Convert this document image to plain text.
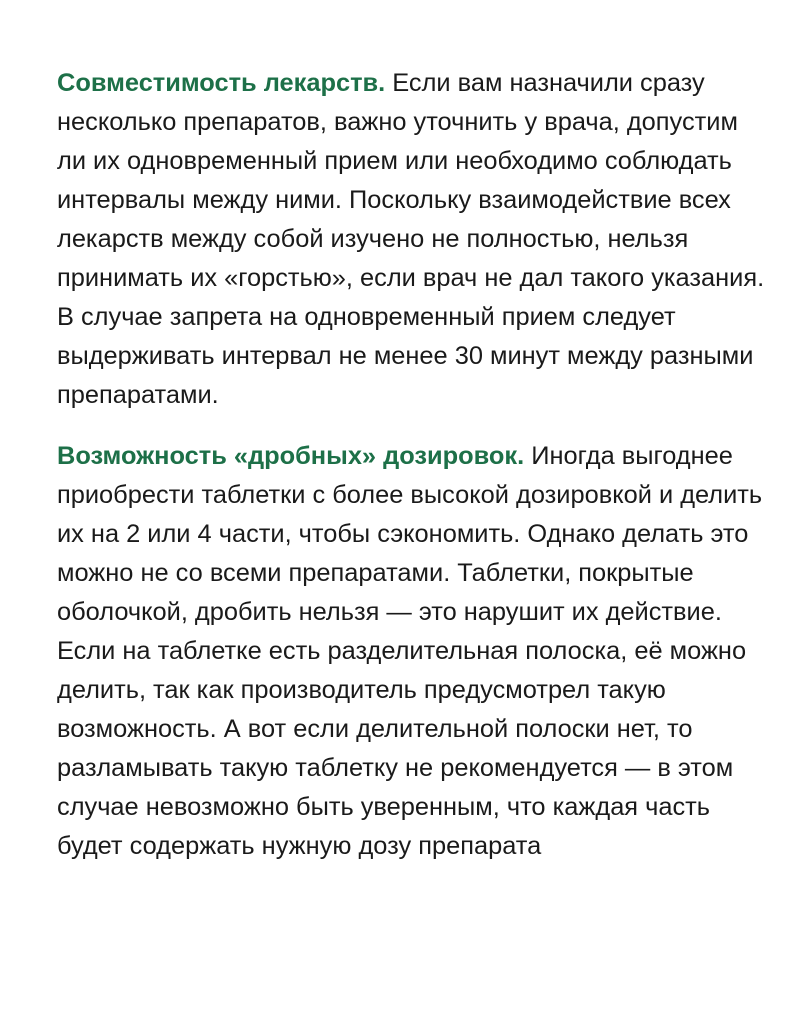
Совместимость лекарств. Если вам назначили сразу несколько препаратов, важно уточнить у врача, допустим ли их одновременный прием или необходимо соблюдать интервалы между ними. Поскольку взаимодействие всех лекарств между собой изучено не полностью, нельзя принимать их «горстью», если врач не дал такого указания. В случае запрета на одновременный прием следует выдерживать интервал не менее 30 минут между разными препаратами.

Возможность «дробных» дозировок. Иногда выгоднее приобрести таблетки с более высокой дозировкой и делить их на 2 или 4 части, чтобы сэкономить. Однако делать это можно не со всеми препаратами. Таблетки, покрытые оболочкой, дробить нельзя — это нарушит их действие. Если на таблетке есть разделительная полоска, её можно делить, так как производитель предусмотрел такую возможность. А вот если делительной полоски нет, то разламывать такую таблетку не рекомендуется — в этом случае невозможно быть уверенным, что каждая часть будет содержать нужную дозу препарата
